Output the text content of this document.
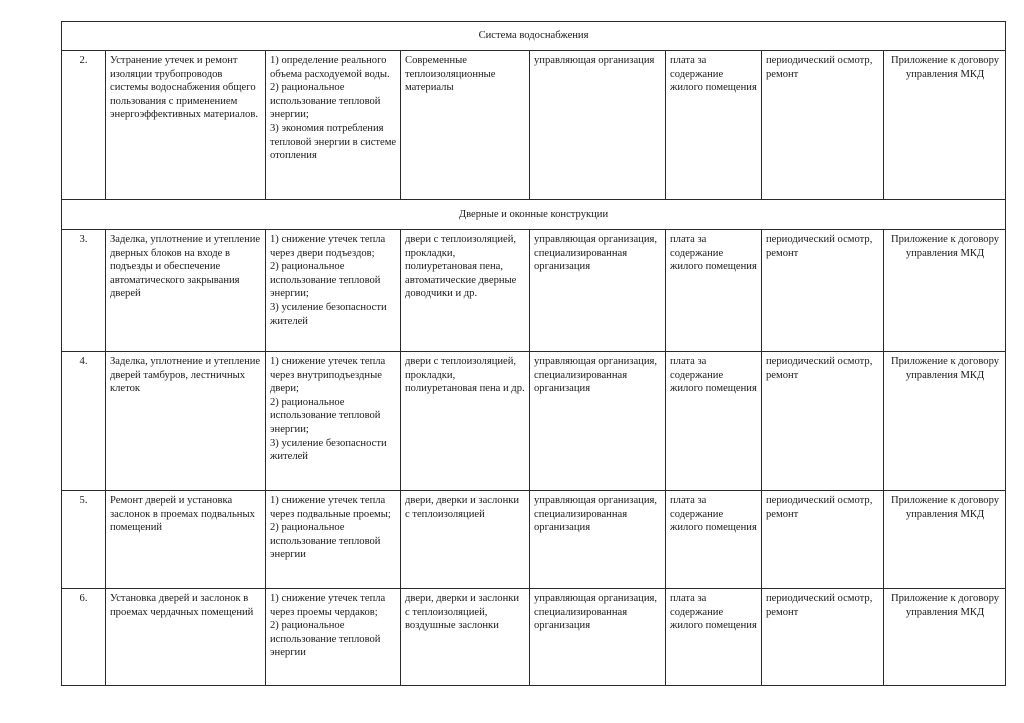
Система водоснабжения							
2.	Устранение утечек и ремонт изоляции трубопроводов системы водоснабжения общего пользования с применением энергоэффективных материалов.	1) определение реального объема расходуемой воды.
2) рациональное использование тепловой энергии;
3) экономия потребления тепловой энергии в системе отопления	Современные теплоизоляционные материалы	управляющая организация	плата за содержание жилого помещения	периодический осмотр, ремонт	Приложение к договору управления МКД

Дверные и оконные конструкции							
3.	Заделка, уплотнение и утепление дверных блоков на входе в подъезды и обеспечение автоматического закрывания дверей	1) снижение утечек тепла через двери подъездов;
2) рациональное использование тепловой энергии;
3) усиление безопасности жителей	двери с теплоизоляцией, прокладки, полиуретановая пена, автоматические дверные доводчики и др.	управляющая организация, специализированная организация	плата за содержание жилого помещения	периодический осмотр, ремонт	Приложение к договору управления МКД

4.	Заделка, уплотнение и утепление дверей тамбуров, лестничных клеток	1) снижение утечек тепла через внутриподъездные двери;
2) рациональное использование тепловой энергии;
3) усиление безопасности жителей	двери с теплоизоляцией, прокладки, полиуретановая пена и др.	управляющая организация, специализированная организация	плата за содержание жилого помещения	периодический осмотр, ремонт	Приложение к договору управления МКД

5.	Ремонт дверей и установка заслонок в проемах подвальных помещений	1) снижение утечек тепла через подвальные проемы;
2) рациональное использование тепловой энергии	двери, дверки и заслонки с теплоизоляцией	управляющая организация, специализированная организация	плата за содержание жилого помещения	периодический осмотр, ремонт	Приложение к договору управления МКД

6.	Установка дверей и заслонок в проемах чердачных помещений	1) снижение утечек тепла через проемы чердаков;
2) рациональное использование тепловой энергии	двери, дверки и заслонки с теплоизоляцией, воздушные заслонки	управляющая организация, специализированная организация	плата за содержание жилого помещения	периодический осмотр, ремонт	Приложение к договору управления МКД
